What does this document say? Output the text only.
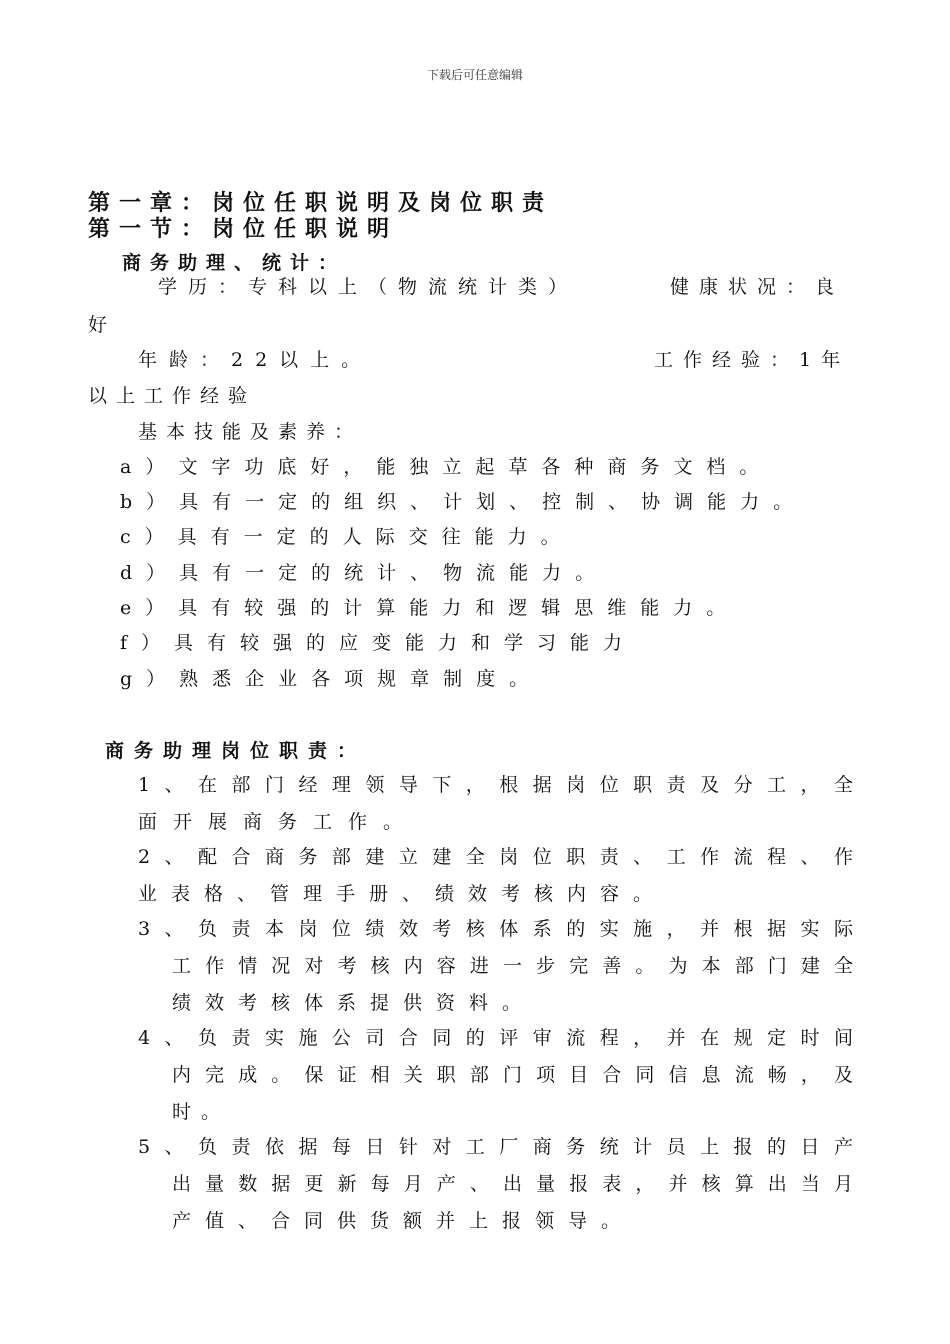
下载后可任意编辑
第一章：岗位任职说明及岗位职责
第一节：岗位任职说明
商务助理、统计：
学历：专科以上（物流统计类）	健康状况：良
好
年龄：22以上。	工作经验：1年
以上工作经验
基本技能及素养：
a）文字功底好，能独立起草各种商务文档。
b）具有一定的组织、计划、控制、协调能力。
c）具有一定的人际交往能力。
d）具有一定的统计、物流能力。
e）具有较强的计算能力和逻辑思维能力。
f）具有较强的应变能力和学习能力
g）熟悉企业各项规章制度。
商务助理岗位职责：
1、在部门经理领导下，根据岗位职责及分工，全
面开展商务工作。
2、配合商务部建立建全岗位职责、工作流程、作
业表格、管理手册、绩效考核内容。
3、负责本岗位绩效考核体系的实施，并根据实际
工作情况对考核内容进一步完善。为本部门建全
绩效考核体系提供资料。
4、负责实施公司合同的评审流程，并在规定时间
内完成。保证相关职部门项目合同信息流畅，及
时。
5、负责依据每日针对工厂商务统计员上报的日产
出量数据更新每月产、出量报表，并核算出当月
产值、合同供货额并上报领导。
